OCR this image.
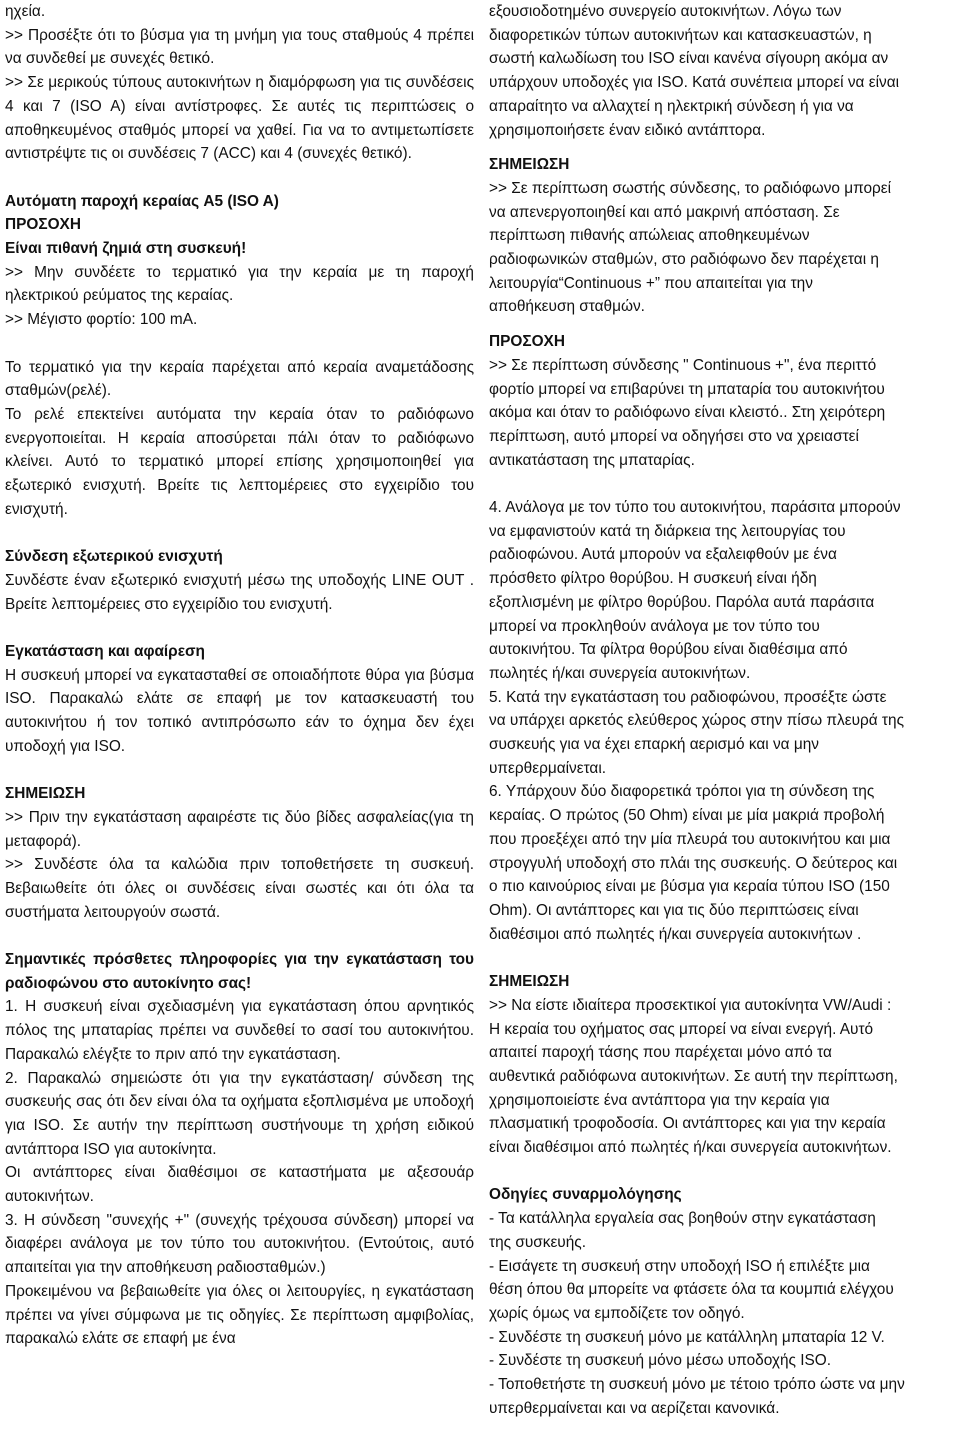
ηχεία.

>> Προσέξτε ότι το βύσμα για τη μνήμη για τους σταθμούς 4 πρέπει να συνδεθεί με συνεχές θετικό.

>> Σε μερικούς τύπους αυτοκινήτων η διαμόρφωση για τις συνδέσεις 4 και 7 (ISO A) είναι αντίστροφες. Σε αυτές τις περιπτώσεις ο αποθηκευμένος σταθμός μπορεί να χαθεί. Για να το αντιμετωπίσετε αντιστρέψτε τις οι συνδέσεις 7 (ACC) και 4 (συνεχές θετικό).

Αυτόματη παροχή κεραίας A5 (ISO A)

ΠΡΟΣΟΧΗ

Είναι πιθανή ζημιά στη συσκευή!

>> Μην συνδέετε το τερματικό για την κεραία με τη παροχή ηλεκτρικού ρεύματος της κεραίας.

>> Μέγιστο φορτίο: 100 mA.

Το τερματικό για την κεραία παρέχεται από κεραία αναμετάδοσης σταθμών(ρελέ).

Το ρελέ επεκτείνει αυτόματα την κεραία όταν το ραδιόφωνο ενεργοποιείται. Η κεραία αποσύρεται πάλι όταν το ραδιόφωνο κλείνει. Αυτό το τερματικό μπορεί επίσης χρησιμοποιηθεί για εξωτερικό ενισχυτή. Βρείτε τις λεπτομέρειες στο εγχειρίδιο του ενισχυτή.

Σύνδεση εξωτερικού ενισχυτή

Συνδέστε έναν εξωτερικό ενισχυτή μέσω της υποδοχής LINE OUT . Βρείτε λεπτομέρειες στο εγχειρίδιο του ενισχυτή.

Εγκατάσταση και αφαίρεση

Η συσκευή μπορεί να εγκατασταθεί σε οποιαδήποτε θύρα για βύσμα ISO. Παρακαλώ ελάτε σε επαφή με τον κατασκευαστή του αυτοκινήτου ή τον τοπικό αντιπρόσωπο εάν το όχημα δεν έχει υποδοχή για ISO.

ΣΗΜΕΙΩΣΗ

>> Πριν την εγκατάσταση αφαιρέστε τις δύο βίδες ασφαλείας(για τη μεταφορά).

>> Συνδέστε όλα τα καλώδια πριν τοποθετήσετε τη συσκευή. Βεβαιωθείτε ότι όλες οι συνδέσεις είναι σωστές και ότι όλα τα συστήματα λειτουργούν σωστά.

Σημαντικές πρόσθετες πληροφορίες για την εγκατάσταση του ραδιοφώνου στο αυτοκίνητο σας!

1. Η συσκευή είναι σχεδιασμένη για εγκατάσταση όπου αρνητικός πόλος της μπαταρίας πρέπει να συνδεθεί το σασί του αυτοκινήτου. Παρακαλώ ελέγξτε το πριν από την εγκατάσταση.

2. Παρακαλώ σημειώστε ότι για την εγκατάσταση/ σύνδεση της συσκευής σας ότι δεν είναι όλα τα οχήματα εξοπλισμένα με υποδοχή για ISO. Σε αυτήν την περίπτωση συστήνουμε τη χρήση ειδικού αντάπτορα ISO για αυτοκίνητα.

Οι αντάπτορες είναι διαθέσιμοι σε καταστήματα με αξεσουάρ αυτοκινήτων.

3. Η σύνδεση "συνεχής +" (συνεχής τρέχουσα σύνδεση) μπορεί να διαφέρει ανάλογα με τον τύπο του αυτοκινήτου. (Εντούτοις, αυτό απαιτείται για την αποθήκευση ραδιοσταθμών.)

Προκειμένου να βεβαιωθείτε για όλες οι λειτουργίες, η εγκατάσταση πρέπει να γίνει σύμφωνα με τις οδηγίες. Σε περίπτωση αμφιβολίας, παρακαλώ ελάτε σε επαφή με ένα

εξουσιοδοτημένο συνεργείο αυτοκινήτων. Λόγω των
διαφορετικών τύπων αυτοκινήτων και κατασκευαστών, η
σωστή καλωδίωση του ISO είναι κανένα σίγουρη ακόμα αν
υπάρχουν υποδοχές για ISO. Κατά συνέπεια μπορεί να είναι
απαραίτητο να αλλαχτεί η ηλεκτρική σύνδεση ή για να
χρησιμοποιήσετε έναν ειδικό αντάπτορα.

ΣΗΜΕΙΩΣΗ

>> Σε περίπτωση σωστής σύνδεσης, το ραδιόφωνο μπορεί
να απενεργοποιηθεί και από μακρινή απόσταση. Σε
περίπτωση πιθανής απώλειας αποθηκευμένων
ραδιοφωνικών σταθμών, στο ραδιόφωνο δεν παρέχεται η
λειτουργία“Continuous +” που απαιτείται για την
αποθήκευση σταθμών.

ΠΡΟΣΟΧΗ

>> Σε περίπτωση σύνδεσης " Continuous +", ένα περιττό
φορτίο μπορεί να επιβαρύνει τη μπαταρία του αυτοκινήτου
ακόμα και όταν το ραδιόφωνο είναι κλειστό.. Στη χειρότερη
περίπτωση, αυτό μπορεί να οδηγήσει στο να χρειαστεί
αντικατάσταση της μπαταρίας.

4. Ανάλογα με τον τύπο του αυτοκινήτου, παράσιτα μπορούν
να εμφανιστούν κατά τη διάρκεια της λειτουργίας του
ραδιοφώνου. Αυτά μπορούν να εξαλειφθούν με ένα
πρόσθετο φίλτρο θορύβου. Η συσκευή είναι ήδη
εξοπλισμένη με φίλτρο θορύβου. Παρόλα αυτά παράσιτα
μπορεί να προκληθούν ανάλογα με τον τύπο του
αυτοκινήτου. Τα φίλτρα θορύβου είναι διαθέσιμα από
πωλητές ή/και συνεργεία αυτοκινήτων.

5. Κατά την εγκατάσταση του ραδιοφώνου, προσέξτε ώστε
να υπάρχει αρκετός ελεύθερος χώρος στην πίσω πλευρά της
συσκευής για να έχει επαρκή αερισμό και να μην
υπερθερμαίνεται.

6. Υπάρχουν δύο διαφορετικά τρόποι για τη σύνδεση της
κεραίας. Ο πρώτος (50 Ohm) είναι με μία μακριά προβολή
που προεξέχει από την μία πλευρά του αυτοκινήτου και μια
στρογγυλή υποδοχή στο πλάι της συσκευής. Ο δεύτερος και
ο πιο καινούριος είναι με βύσμα για κεραία τύπου ISO (150
Ohm). Οι αντάπτορες και για τις δύο περιπτώσεις είναι
διαθέσιμοι από πωλητές ή/και συνεργεία αυτοκινήτων .

ΣΗΜΕΙΩΣΗ

>> Να είστε ιδιαίτερα προσεκτικοί για αυτοκίνητα VW/Audi :
Η κεραία του οχήματος σας μπορεί να είναι ενεργή. Αυτό
απαιτεί παροχή τάσης που παρέχεται μόνο από τα
αυθεντικά ραδιόφωνα αυτοκινήτων. Σε αυτή την περίπτωση,
χρησιμοποιείστε ένα αντάπτορα για την κεραία για
πλασματική τροφοδοσία. Οι αντάπτορες και για την κεραία
είναι διαθέσιμοι από πωλητές ή/και συνεργεία αυτοκινήτων.

Οδηγίες συναρμολόγησης

- Τα κατάλληλα εργαλεία σας βοηθούν στην εγκατάσταση
της συσκευής.
- Εισάγετε τη συσκευή στην υποδοχή ISO ή επιλέξτε μια
θέση όπου θα μπορείτε να φτάσετε όλα τα κουμπιά ελέγχου
χωρίς όμως να εμποδίζετε τον οδηγό.
- Συνδέστε τη συσκευή μόνο με κατάλληλη μπαταρία 12 V.
- Συνδέστε τη συσκευή μόνο μέσω υποδοχής ISO.
- Τοποθετήστε τη συσκευή μόνο με τέτοιο τρόπο ώστε να μην
υπερθερμαίνεται και να αερίζεται κανονικά.
